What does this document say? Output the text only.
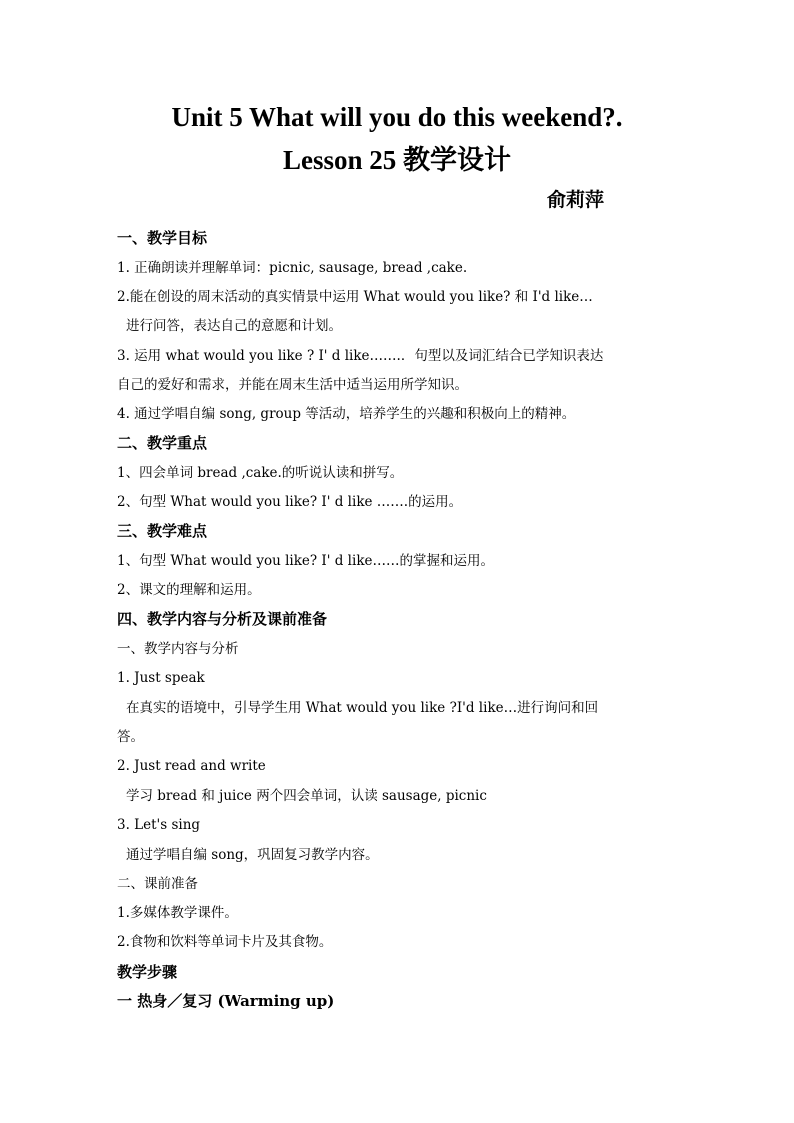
Unit 5 What will you do this weekend?.
Lesson 25 教学设计
俞莉萍
一、教学目标
1. 正确朗读并理解单词：picnic, sausage, bread ,cake.
2.能在创设的周末活动的真实情景中运用 What would you like? 和 I'd like…
进行问答，表达自己的意愿和计划。
3. 运用 what would you like ? I' d like…….．句型以及词汇结合已学知识表达
自己的爱好和需求，并能在周末生活中适当运用所学知识。
4. 通过学唱自编 song, group 等活动，培养学生的兴趣和积极向上的精神。
二、教学重点
1、四会单词 bread ,cake.的听说认读和拼写。
2、句型 What would you like? I' d like …….的运用。
三、教学难点
1、句型 What would you like? I' d like……的掌握和运用。
2、课文的理解和运用。
四、教学内容与分析及课前准备
一、教学内容与分析
1. Just speak
在真实的语境中，引导学生用 What would you like ?I'd like…进行询问和回
答。
2. Just read and write
学习 bread 和 juice 两个四会单词，认读 sausage, picnic
3. Let's sing
通过学唱自编 song，巩固复习教学内容。
二、课前准备
1.多媒体教学课件。
2.食物和饮料等单词卡片及其食物。
教学步骤
一 热身／复习 (Warming up)
